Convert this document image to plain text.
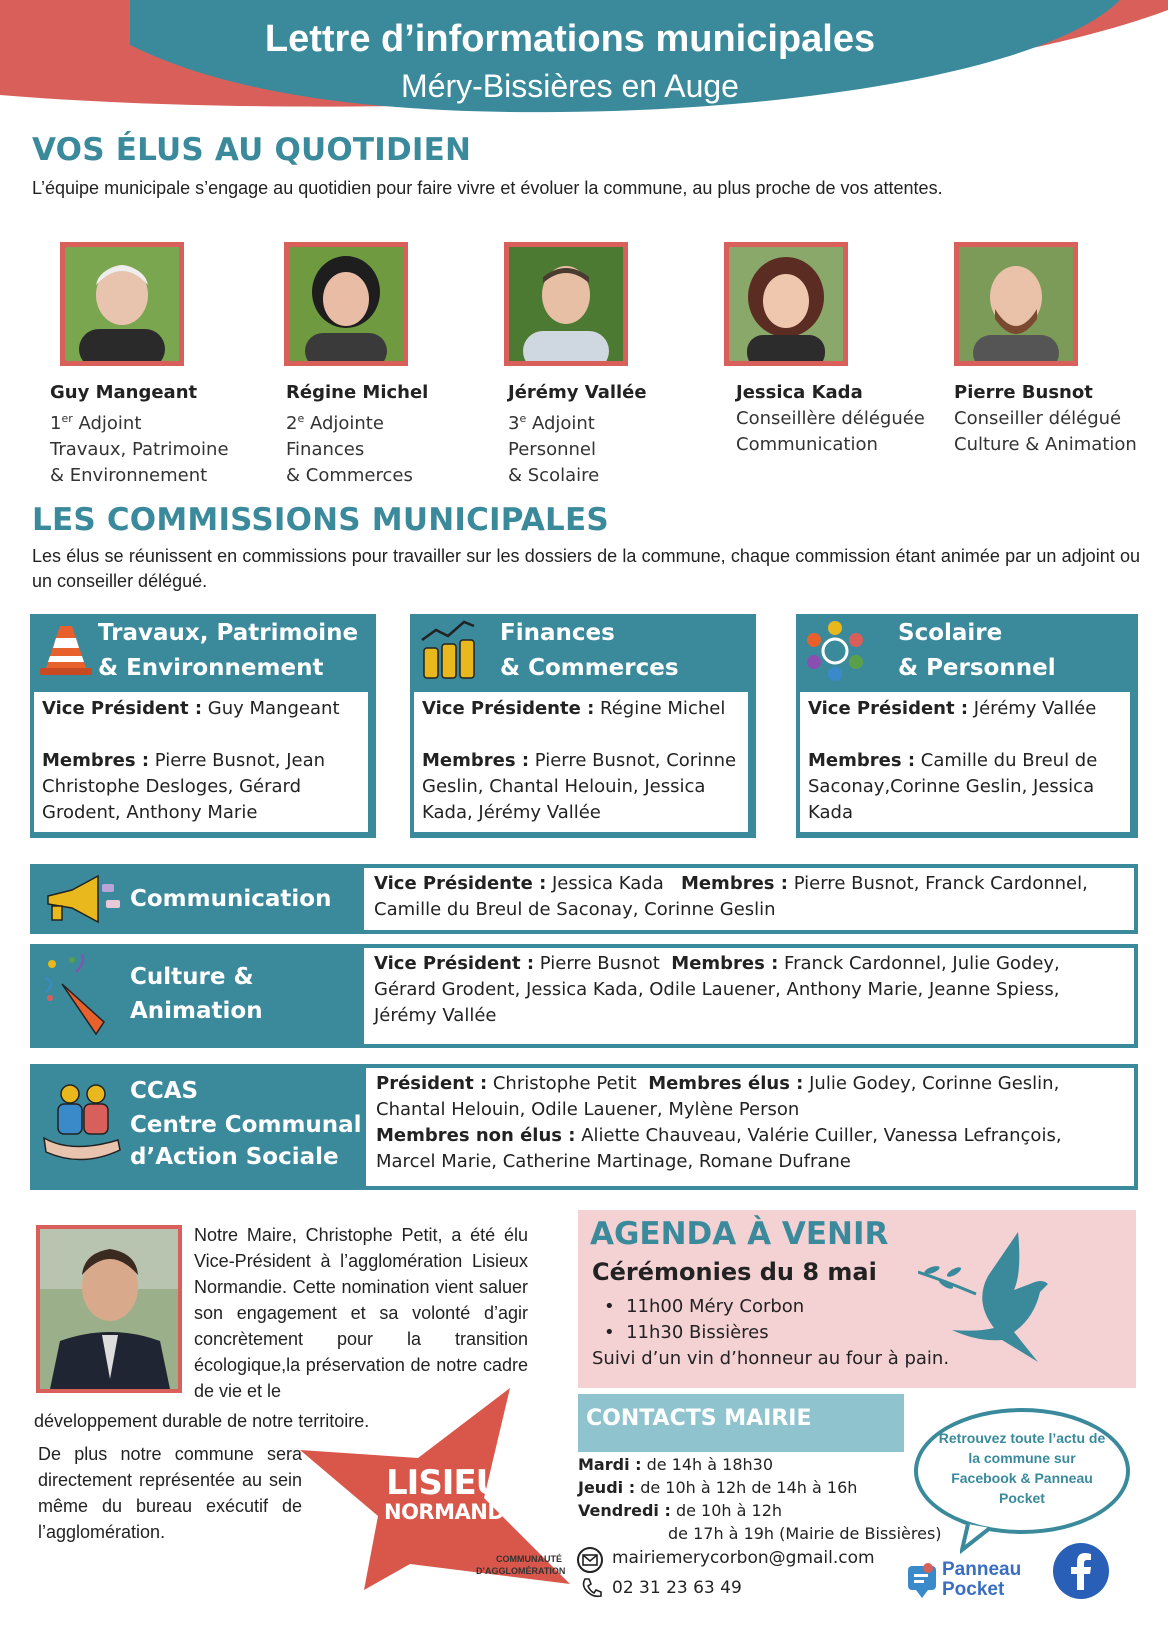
Lettre d’informations municipales
Méry-Bissières en Auge
VOS ÉLUS AU QUOTIDIEN
L’équipe municipale s’engage au quotidien pour faire vivre et évoluer la commune, au plus proche de vos attentes.
Guy Mangeant
1er Adjoint
Travaux, Patrimoine
& Environnement
Régine Michel
2e Adjointe
Finances
& Commerces
Jérémy Vallée
3e Adjoint
Personnel
& Scolaire
Jessica Kada
Conseillère déléguée
Communication
Pierre Busnot
Conseiller délégué
Culture & Animation
LES COMMISSIONS MUNICIPALES
Les élus se réunissent en commissions pour travailler sur les dossiers de la commune, chaque commission étant animée par un adjoint ou un conseiller délégué.
Travaux, Patrimoine
& Environnement
Vice Président : Guy Mangeant
Membres : Pierre Busnot, Jean Christophe Desloges, Gérard Grodent, Anthony Marie
Finances
& Commerces
Vice Présidente : Régine Michel
Membres : Pierre Busnot, Corinne Geslin, Chantal Helouin, Jessica Kada, Jérémy Vallée
Scolaire
& Personnel
Vice Président : Jérémy Vallée
Membres : Camille du Breul de Saconay,Corinne Geslin, Jessica Kada
Communication
Vice Présidente : Jessica Kada Membres : Pierre Busnot, Franck Cardonnel, Camille du Breul de Saconay, Corinne Geslin
Culture &
Animation
Vice Président : Pierre Busnot Membres : Franck Cardonnel, Julie Godey, Gérard Grodent, Jessica Kada, Odile Lauener, Anthony Marie, Jeanne Spiess, Jérémy Vallée
CCAS
Centre Communal
d’Action Sociale
Président : Christophe Petit Membres élus : Julie Godey, Corinne Geslin, Chantal Helouin, Odile Lauener, Mylène Person
Membres non élus : Aliette Chauveau, Valérie Cuiller, Vanessa Lefrançois, Marcel Marie, Catherine Martinage, Romane Dufrane
Notre Maire, Christophe Petit, a été élu Vice-Président à l’agglomération Lisieux Normandie. Cette nomination vient saluer son engagement et sa volonté d’agir concrètement pour la transition écologique,la préservation de notre cadre de vie et le
développement durable de notre territoire.
De plus notre commune sera directement représentée au sein même du bureau exécutif de l’agglomération.
LISIEUX
NORMANDIE
COMMUNAUTÉ
D’AGGLOMÉRATION
AGENDA À VENIR
Cérémonies du 8 mai
•  11h00 Méry Corbon
•  11h30 Bissières
Suivi d’un vin d’honneur au four à pain.
CONTACTS MAIRIE
Mardi : de 14h à 18h30
Jeudi : de 10h à 12h de 14h à 16h
Vendredi : de 10h à 12h
de 17h à 19h (Mairie de Bissières)
mairiemerycorbon@gmail.com
02 31 23 63 49
Retrouvez toute l’actu de la commune sur Facebook & Panneau Pocket
Panneau
Pocket
